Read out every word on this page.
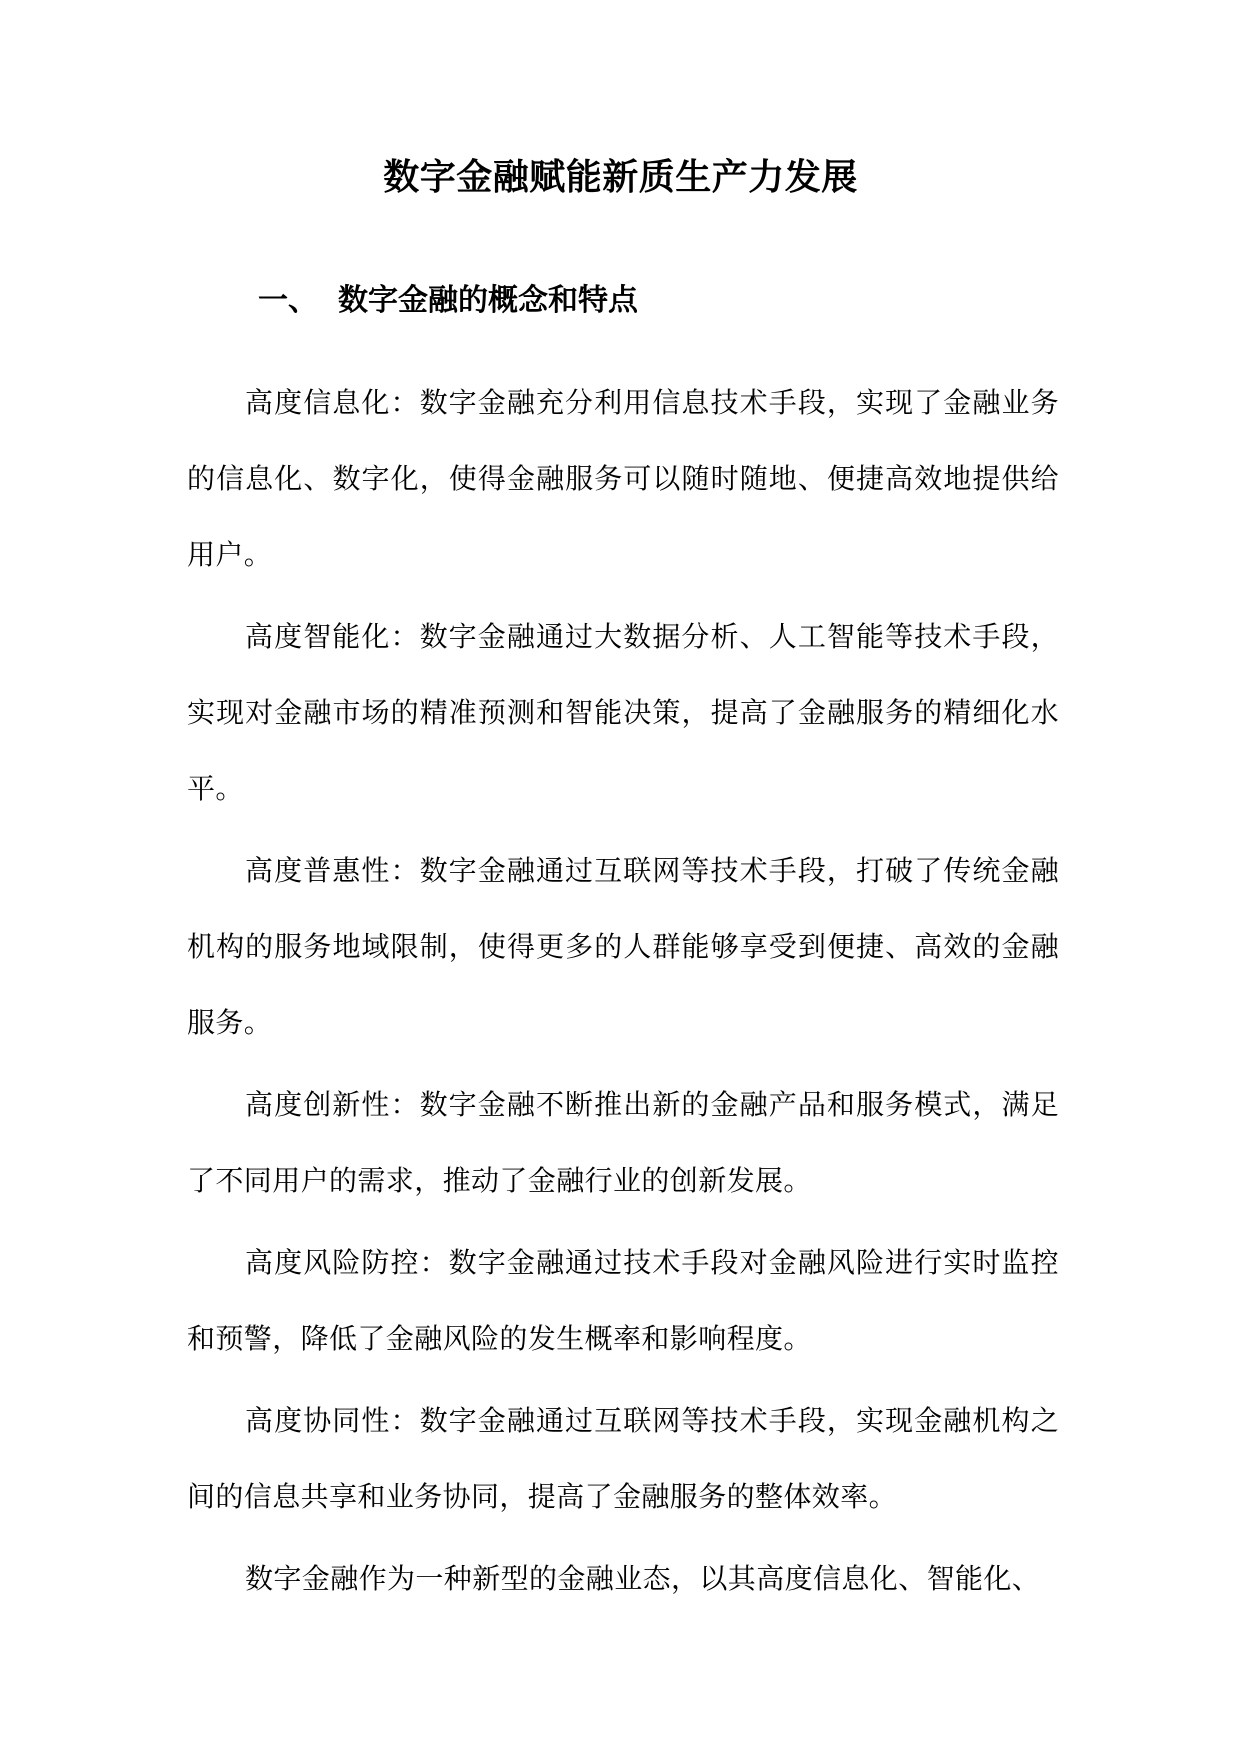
数字金融赋能新质生产力发展
一、 数字金融的概念和特点

高度信息化：数字金融充分利用信息技术手段，实现了金融业务的信息化、数字化，使得金融服务可以随时随地、便捷高效地提供给用户。

高度智能化：数字金融通过大数据分析、人工智能等技术手段，实现对金融市场的精准预测和智能决策，提高了金融服务的精细化水平。

高度普惠性：数字金融通过互联网等技术手段，打破了传统金融机构的服务地域限制，使得更多的人群能够享受到便捷、高效的金融服务。

高度创新性：数字金融不断推出新的金融产品和服务模式，满足了不同用户的需求，推动了金融行业的创新发展。

高度风险防控：数字金融通过技术手段对金融风险进行实时监控和预警，降低了金融风险的发生概率和影响程度。

高度协同性：数字金融通过互联网等技术手段，实现金融机构之间的信息共享和业务协同，提高了金融服务的整体效率。

数字金融作为一种新型的金融业态，以其高度信息化、智能化、
